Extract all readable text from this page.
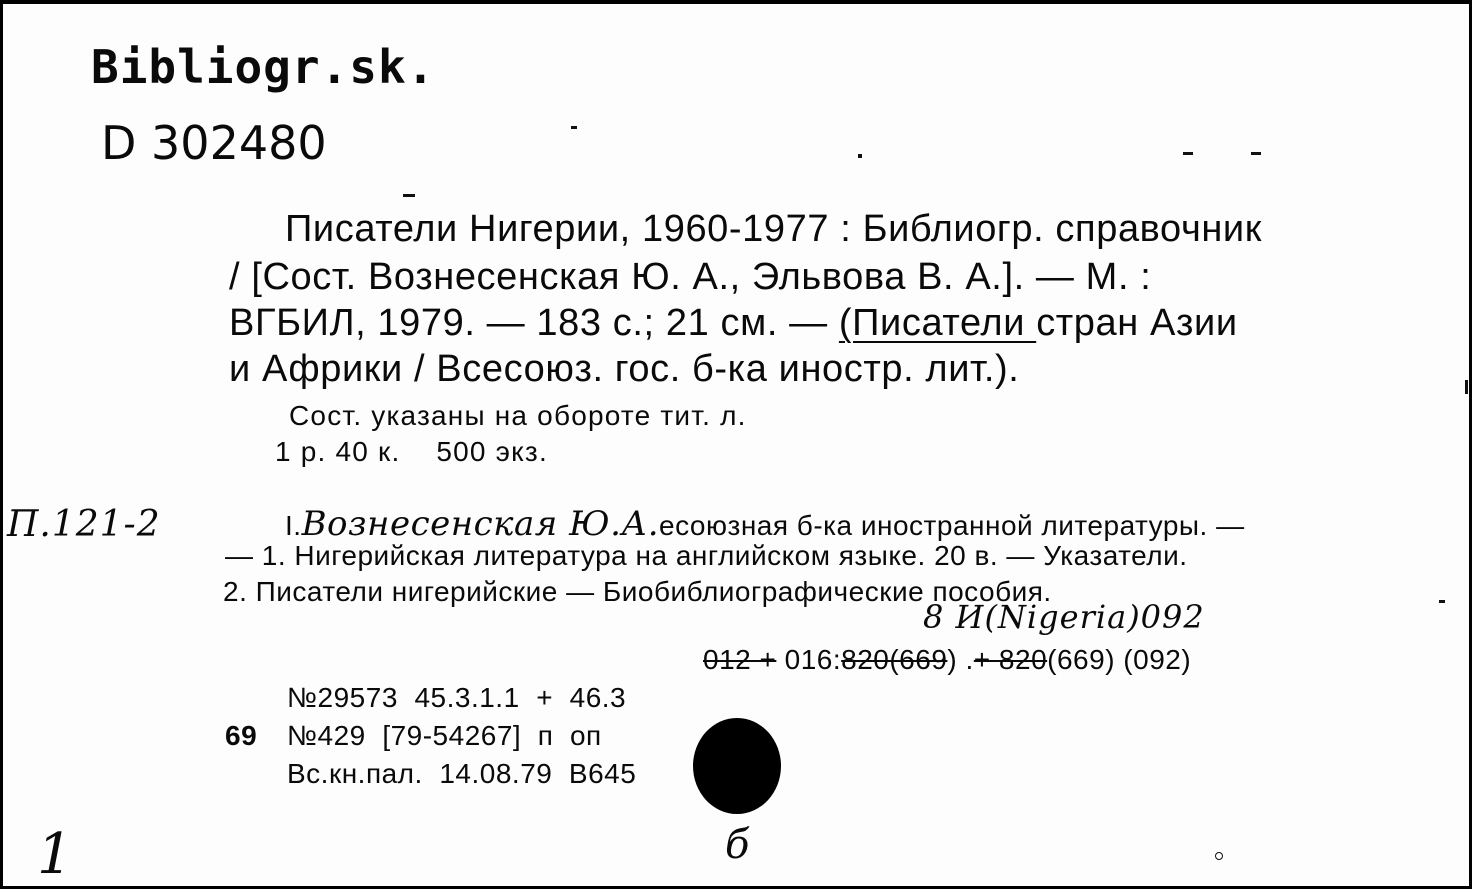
Bibliogr.sk.
D 302480
Писатели Нигерии, 1960-1977 : Библиогр. справочник
/ [Сост. Вознесенская Ю. А., Эльвова В. А.]. — М. :
ВГБИЛ, 1979. — 183 с.; 21 см. — (Писатели стран Азии
и Африки / Всесоюз. гос. б-ка иностр. лит.).
Сост. указаны на обороте тит. л.
1 р. 40 к.    500 экз.
П.121-2	I.Вознесенская Ю.А.есоюзная б-ка иностранной литературы. —
— 1. Нигерийская литература на английском языке. 20 в. — Указатели.
2. Писатели нигерийские — Биобиблиографические пособия.
8 И(Nigeria)092
012 + 016:820(669) .+ 820(669) (092)
№29573  45.3.1.1  +  46.3
69 №429  [79-54267]  п  оп
Вс.кн.пал.  14.08.79  В645
1	б
